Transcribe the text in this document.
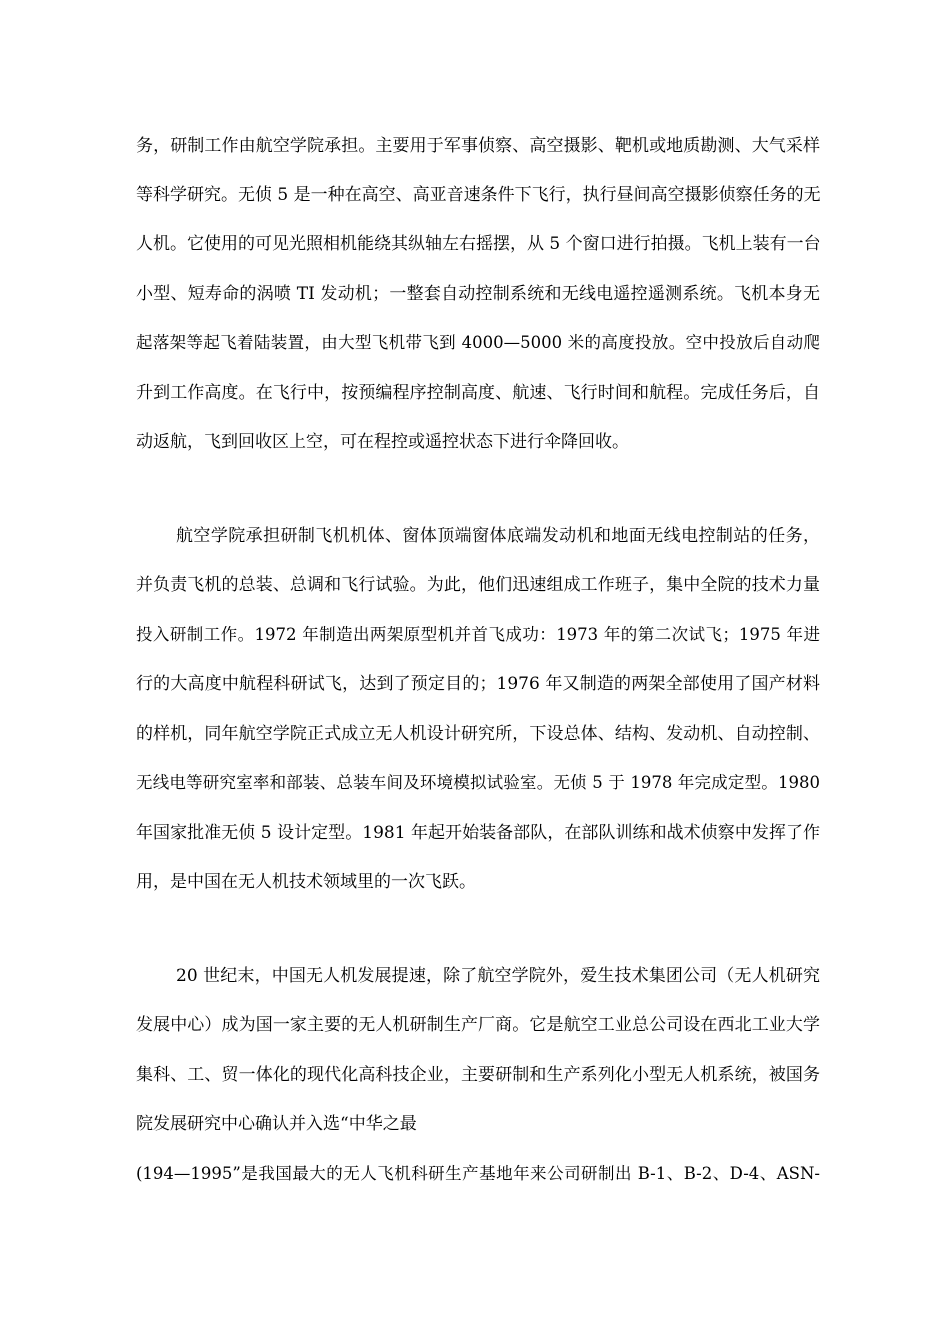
务，研制工作由航空学院承担。主要用于军事侦察、高空摄影、靶机或地质勘测、大气采样
等科学研究。无侦 5 是一种在高空、高亚音速条件下飞行，执行昼间高空摄影侦察任务的无
人机。它使用的可见光照相机能绕其纵轴左右摇摆，从 5 个窗口进行拍摄。飞机上装有一台
小型、短寿命的涡喷 TI 发动机；一整套自动控制系统和无线电遥控遥测系统。飞机本身无
起落架等起飞着陆装置，由大型飞机带飞到 4000—5000 米的高度投放。空中投放后自动爬
升到工作高度。在飞行中，按预编程序控制高度、航速、飞行时间和航程。完成任务后，自
动返航，飞到回收区上空，可在程控或遥控状态下进行伞降回收。
航空学院承担研制飞机机体、窗体顶端窗体底端发动机和地面无线电控制站的任务，
并负责飞机的总装、总调和飞行试验。为此，他们迅速组成工作班子，集中全院的技术力量
投入研制工作。1972 年制造出两架原型机并首飞成功：1973 年的第二次试飞；1975 年进
行的大高度中航程科研试飞，达到了预定目的；1976 年又制造的两架全部使用了国产材料
的样机，同年航空学院正式成立无人机设计研究所，下设总体、结构、发动机、自动控制、
无线电等研究室率和部装、总装车间及环境模拟试验室。无侦 5 于 1978 年完成定型。1980
年国家批准无侦 5 设计定型。1981 年起开始装备部队，在部队训练和战术侦察中发挥了作
用，是中国在无人机技术领域里的一次飞跃。
20 世纪末，中国无人机发展提速，除了航空学院外，爱生技术集团公司（无人机研究
发展中心）成为国一家主要的无人机研制生产厂商。它是航空工业总公司设在西北工业大学
集科、工、贸一体化的现代化高科技企业，主要研制和生产系列化小型无人机系统，被国务
院发展研究中心确认并入选“中华之最
(194—1995”是我国最大的无人飞机科研生产基地年来公司研制出 B-1、B-2、D-4、ASN-
